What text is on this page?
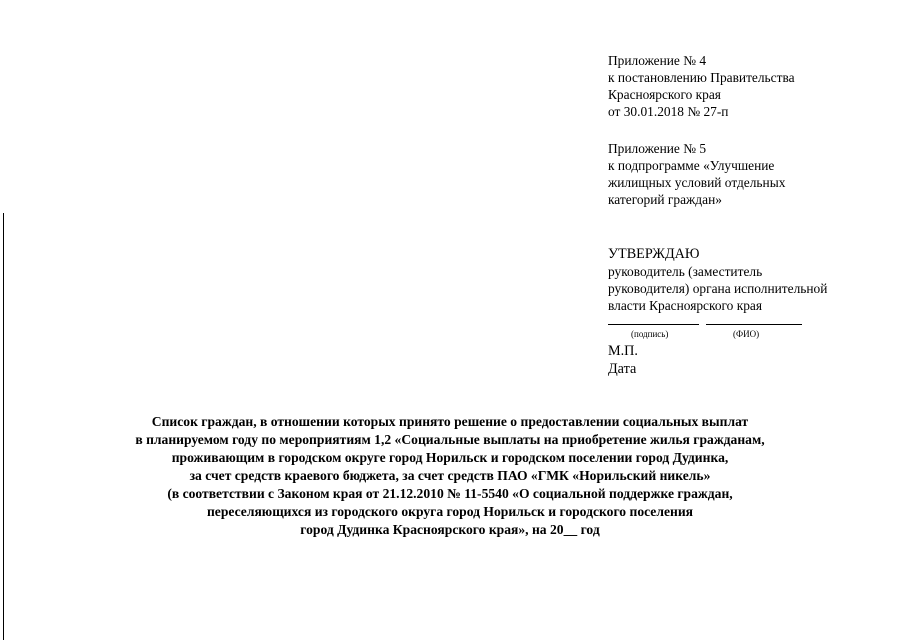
Приложение № 4
к постановлению Правительства
Красноярского края
от 30.01.2018 № 27-п
Приложение № 5
к подпрограмме «Улучшение
жилищных условий отдельных
категорий граждан»
УТВЕРЖДАЮ
руководитель (заместитель
руководителя) органа исполнительной
власти Красноярского края
(подпись)	(ФИО)
М.П.
Дата
Список граждан, в отношении которых принято решение о предоставлении социальных выплат
в планируемом году по мероприятиям 1,2 «Социальные выплаты на приобретение жилья гражданам,
проживающим в городском округе город Норильск и городском поселении город Дудинка,
за счет средств краевого бюджета, за счет средств ПАО «ГМК «Норильский никель»
(в соответствии с Законом края от 21.12.2010 № 11-5540 «О социальной поддержке граждан,
переселяющихся из городского округа город Норильск и городского поселения
город Дудинка Красноярского края», на 20__ год
